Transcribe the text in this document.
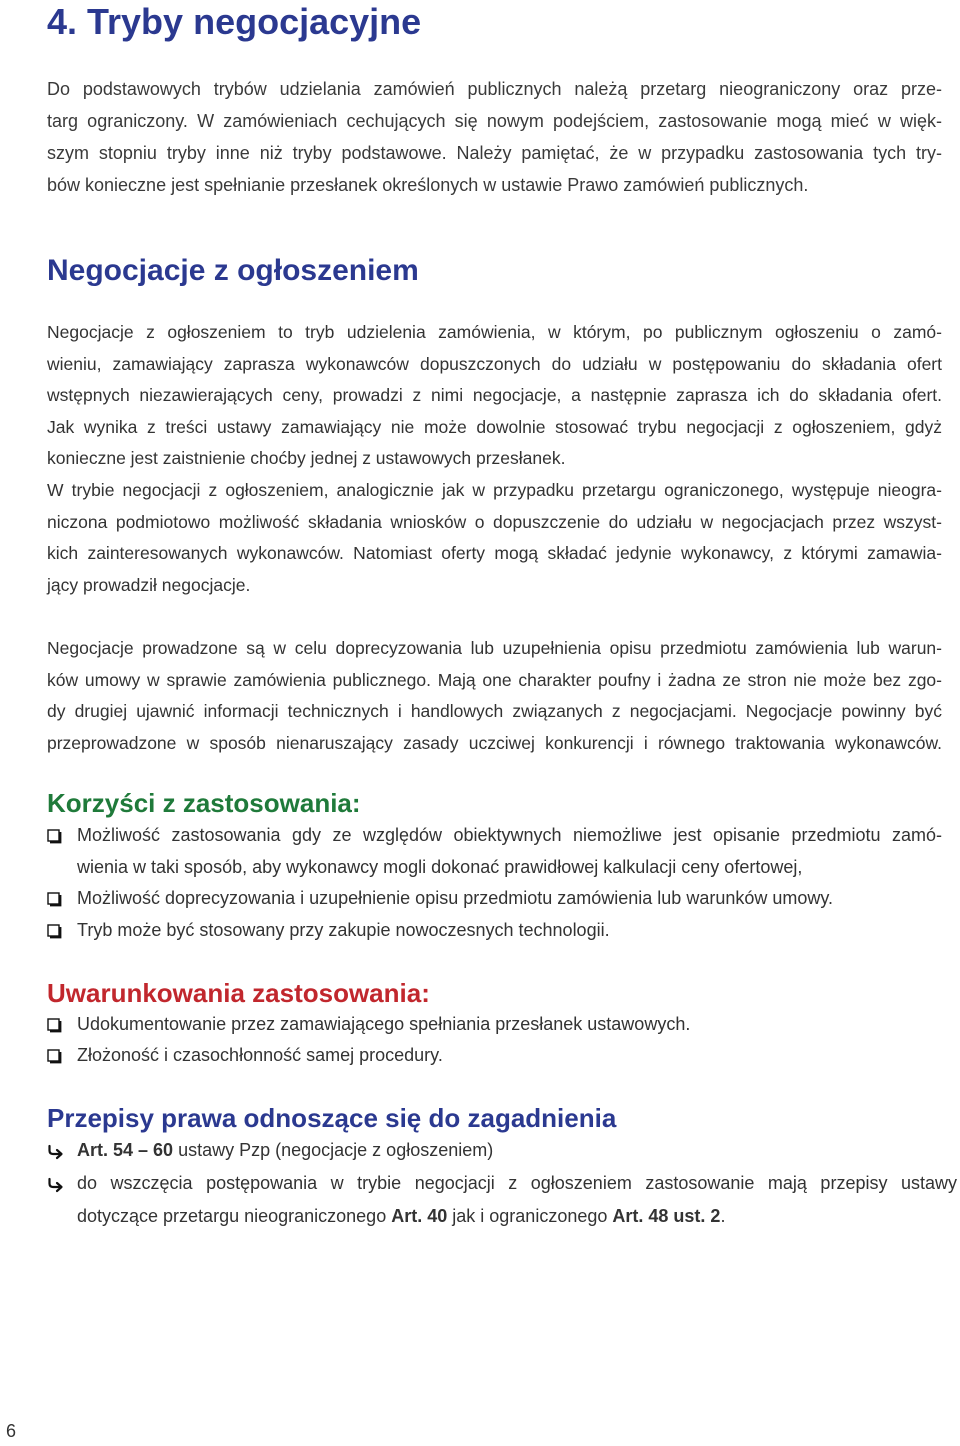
4. Tryby negocjacyjne
Do podstawowych trybów udzielania zamówień publicznych należą przetarg nieograniczony oraz prze-
targ ograniczony. W zamówieniach cechujących się nowym podejściem, zastosowanie mogą mieć w więk-
szym stopniu tryby inne niż tryby podstawowe. Należy pamiętać, że w przypadku zastosowania tych try-
bów konieczne jest spełnianie przesłanek określonych w ustawie Prawo zamówień publicznych.
Negocjacje z ogłoszeniem
Negocjacje z ogłoszeniem to tryb udzielenia zamówienia, w którym, po publicznym ogłoszeniu o zamó-
wieniu, zamawiający zaprasza wykonawców dopuszczonych do udziału w postępowaniu do składania ofert
wstępnych niezawierających ceny, prowadzi z nimi negocjacje, a następnie zaprasza ich do składania ofert.
Jak wynika z treści ustawy zamawiający nie może dowolnie stosować trybu negocjacji z ogłoszeniem, gdyż
konieczne jest zaistnienie choćby jednej z ustawowych przesłanek.
W trybie negocjacji z ogłoszeniem, analogicznie jak w przypadku przetargu ograniczonego, występuje nieogra-
niczona podmiotowo możliwość składania wniosków o dopuszczenie do udziału w negocjacjach przez wszyst-
kich zainteresowanych wykonawców. Natomiast oferty mogą składać jedynie wykonawcy, z którymi zamawia-
jący prowadził negocjacje.
Negocjacje prowadzone są w celu doprecyzowania lub uzupełnienia opisu przedmiotu zamówienia lub warun-
ków umowy w sprawie zamówienia publicznego. Mają one charakter poufny i żadna ze stron nie może bez zgo-
dy drugiej ujawnić informacji technicznych i handlowych związanych z negocjacjami. Negocjacje powinny być
przeprowadzone w sposób nienaruszający zasady uczciwej konkurencji i równego traktowania wykonawców.
Korzyści z zastosowania:
Możliwość zastosowania gdy ze względów obiektywnych niemożliwe jest opisanie przedmiotu zamó-
wienia w taki sposób, aby wykonawcy mogli dokonać prawidłowej kalkulacji ceny ofertowej,
Możliwość doprecyzowania i uzupełnienie opisu przedmiotu zamówienia lub warunków umowy.
Tryb może być stosowany przy zakupie nowoczesnych technologii.
Uwarunkowania zastosowania:
Udokumentowanie przez zamawiającego spełniania przesłanek ustawowych.
Złożoność i czasochłonność samej procedury.
Przepisy prawa odnoszące się do zagadnienia
Art. 54 – 60 ustawy Pzp (negocjacje z ogłoszeniem)
do wszczęcia postępowania w trybie negocjacji z ogłoszeniem zastosowanie mają przepisy ustawy
dotyczące przetargu nieograniczonego Art. 40 jak i ograniczonego Art. 48 ust. 2.
6
